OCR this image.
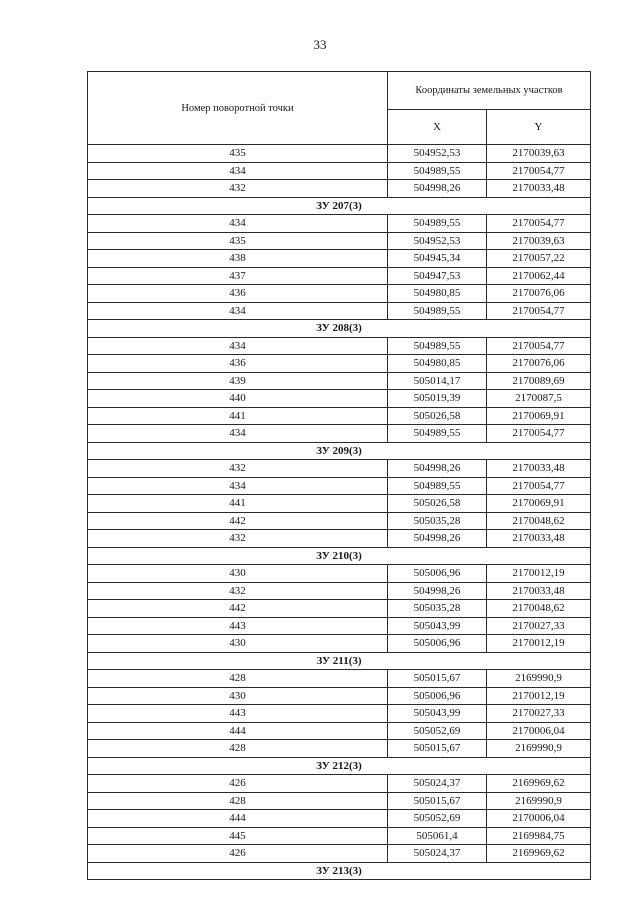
33
Номер поворотной точки	Координаты земельных участков	
	X	Y
435	504952,53	2170039,63
434	504989,55	2170054,77
432	504998,26	2170033,48
ЗУ 207(3)		
434	504989,55	2170054,77
435	504952,53	2170039,63
438	504945,34	2170057,22
437	504947,53	2170062,44
436	504980,85	2170076,06
434	504989,55	2170054,77
ЗУ 208(3)		
434	504989,55	2170054,77
436	504980,85	2170076,06
439	505014,17	2170089,69
440	505019,39	2170087,5
441	505026,58	2170069,91
434	504989,55	2170054,77
ЗУ 209(3)		
432	504998,26	2170033,48
434	504989,55	2170054,77
441	505026,58	2170069,91
442	505035,28	2170048,62
432	504998,26	2170033,48
ЗУ 210(3)		
430	505006,96	2170012,19
432	504998,26	2170033,48
442	505035,28	2170048,62
443	505043,99	2170027,33
430	505006,96	2170012,19
ЗУ 211(3)		
428	505015,67	2169990,9
430	505006,96	2170012,19
443	505043,99	2170027,33
444	505052,69	2170006,04
428	505015,67	2169990,9
ЗУ 212(3)		
426	505024,37	2169969,62
428	505015,67	2169990,9
444	505052,69	2170006,04
445	505061,4	2169984,75
426	505024,37	2169969,62
ЗУ 213(3)		
